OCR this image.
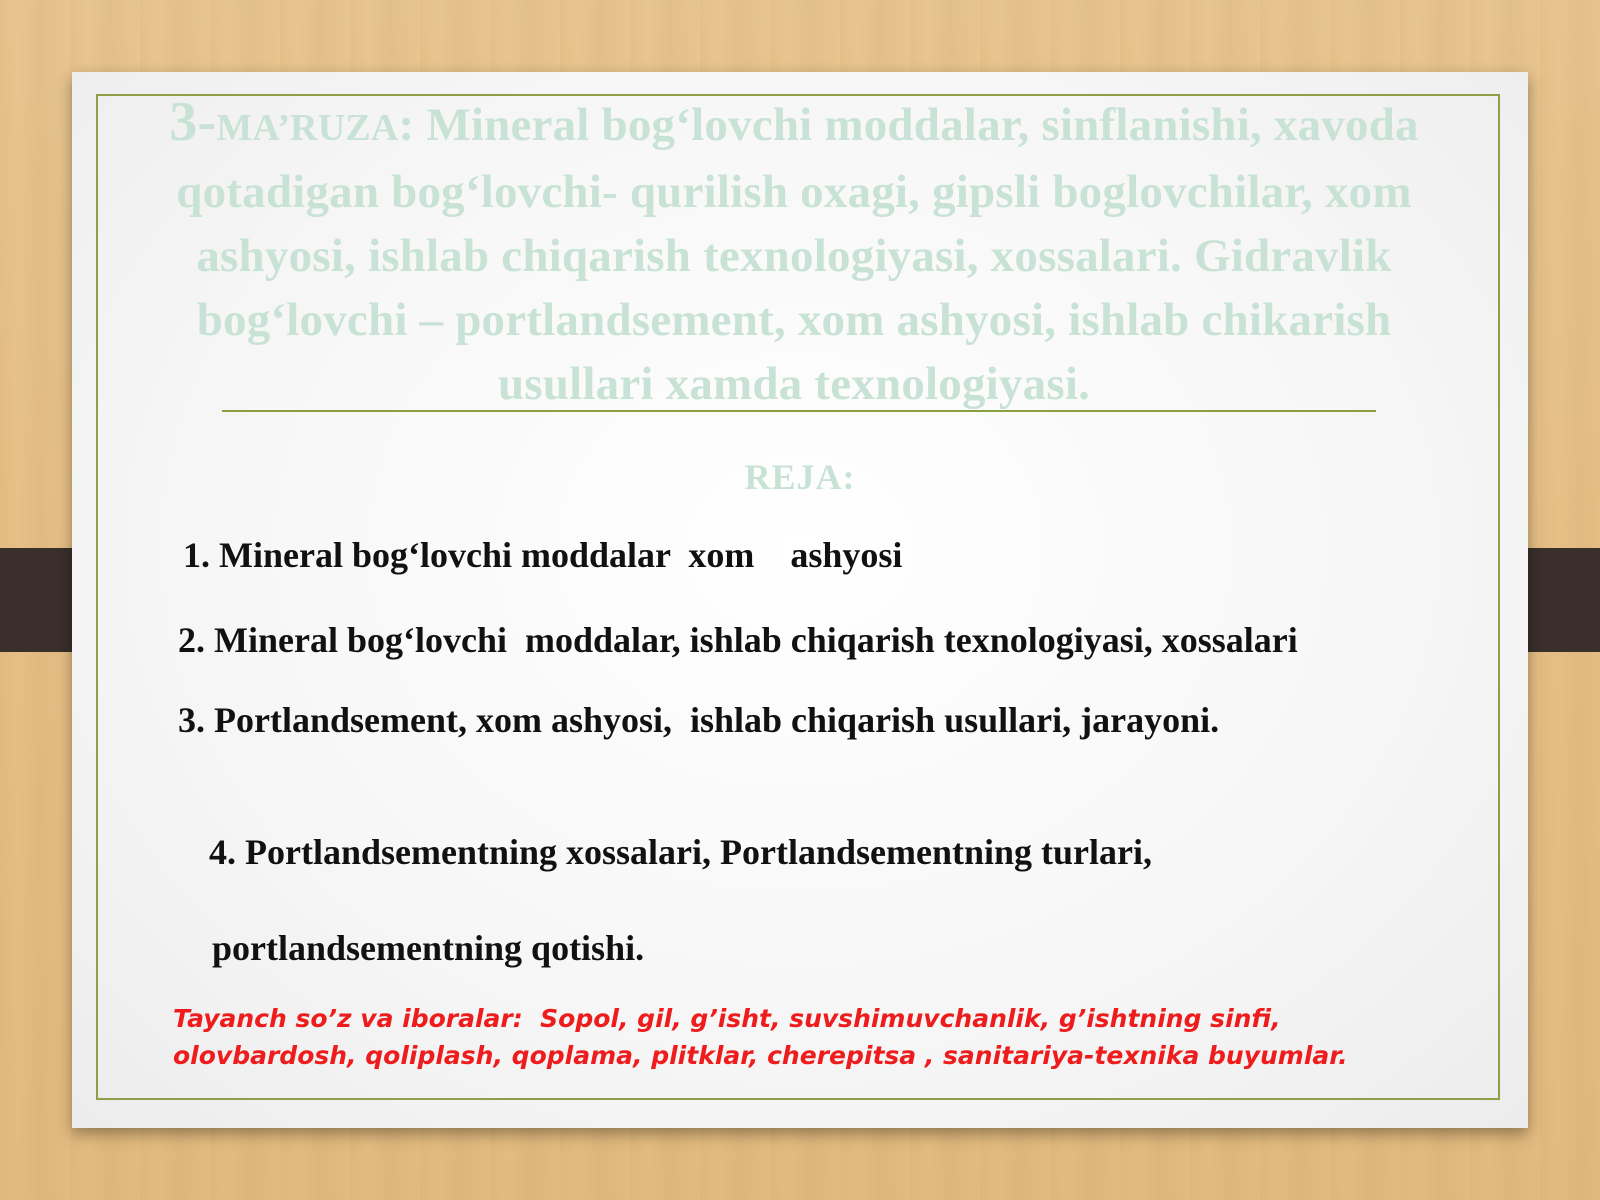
3-MA’RUZA: Mineral bog‘lovchi moddalar, sinflanishi, xavoda qotadigan bog‘lovchi- qurilish oxagi, gipsli boglovchilar, xom ashyosi, ishlab chiqarish texnologiyasi, xossalari. Gidravlik bog‘lovchi – portlandsement, xom ashyosi, ishlab chikarish usullari xamda texnologiyasi.
REJA:
1. Mineral bog‘lovchi moddalar  xom    ashyosi
2. Mineral bog‘lovchi  moddalar, ishlab chiqarish texnologiyasi, xossalari
3. Portlandsement, xom ashyosi,  ishlab chiqarish usullari, jarayoni.

4. Portlandsementning xossalari, Portlandsementning turlari,

portlandsementning qotishi.

Tayanch so’z va iboralar:  Sopol, gil, g’isht, suvshimuvchanlik, g’ishtning sinfi,
olovbardosh, qoliplash, qoplama, plitklar, cherepitsa , sanitariya-texnika buyumlar.
